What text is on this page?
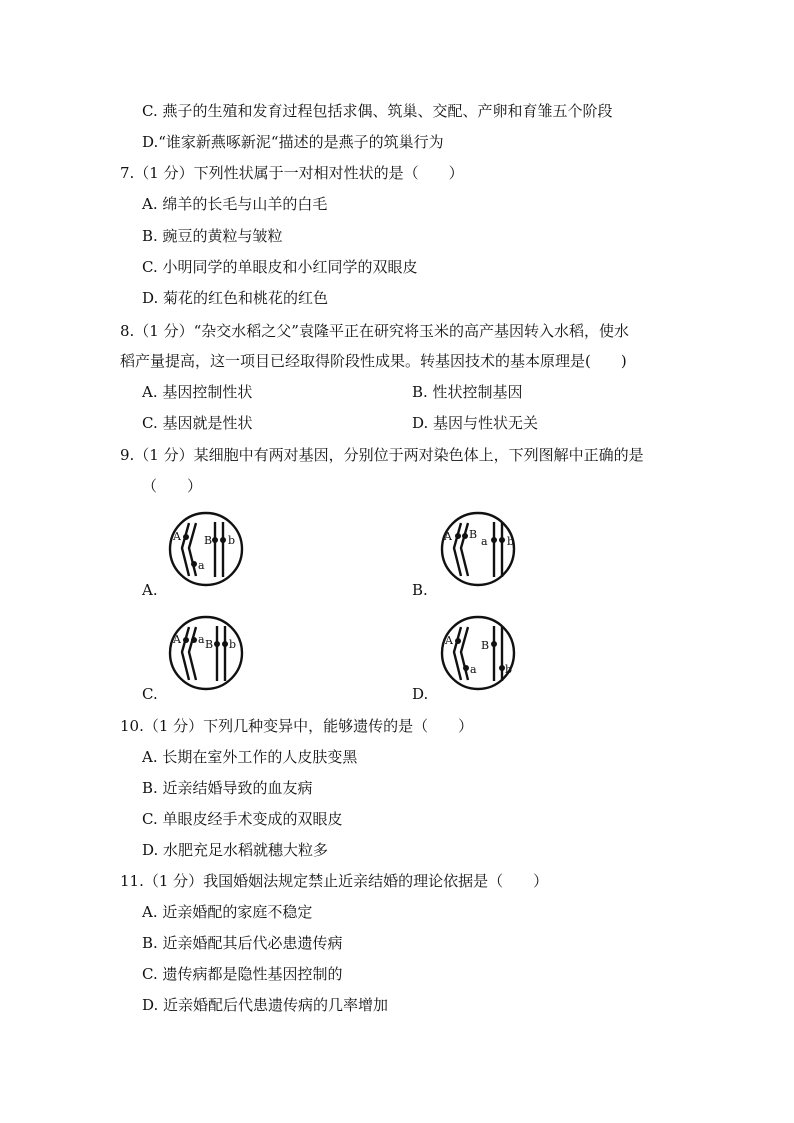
C. 燕子的生殖和发育过程包括求偶、筑巢、交配、产卵和育雏五个阶段
D.“谁家新燕啄新泥“描述的是燕子的筑巢行为
7.（1 分）下列性状属于一对相对性状的是（　　）
A. 绵羊的长毛与山羊的白毛
B. 豌豆的黄粒与皱粒
C. 小明同学的单眼皮和小红同学的双眼皮
D. 菊花的红色和桃花的红色
8.（1 分）“杂交水稻之父”袁隆平正在研究将玉米的高产基因转入水稻，使水
稻产量提高，这一项目已经取得阶段性成果。转基因技术的基本原理是(　　)
A. 基因控制性状	B. 性状控制基因
C. 基因就是性状	D. 基因与性状无关
9.（1 分）某细胞中有两对基因，分别位于两对染色体上，下列图解中正确的是
（　　）
A
a
B b
A.
A B
a b
B.
A a B b
C.
A
a
B
b
D.
10.（1 分）下列几种变异中，能够遗传的是（　　）
A. 长期在室外工作的人皮肤变黑
B. 近亲结婚导致的血友病
C. 单眼皮经手术变成的双眼皮
D. 水肥充足水稻就穗大粒多
11.（1 分）我国婚姻法规定禁止近亲结婚的理论依据是（　　）
A. 近亲婚配的家庭不稳定
B. 近亲婚配其后代必患遗传病
C. 遗传病都是隐性基因控制的
D. 近亲婚配后代患遗传病的几率增加
